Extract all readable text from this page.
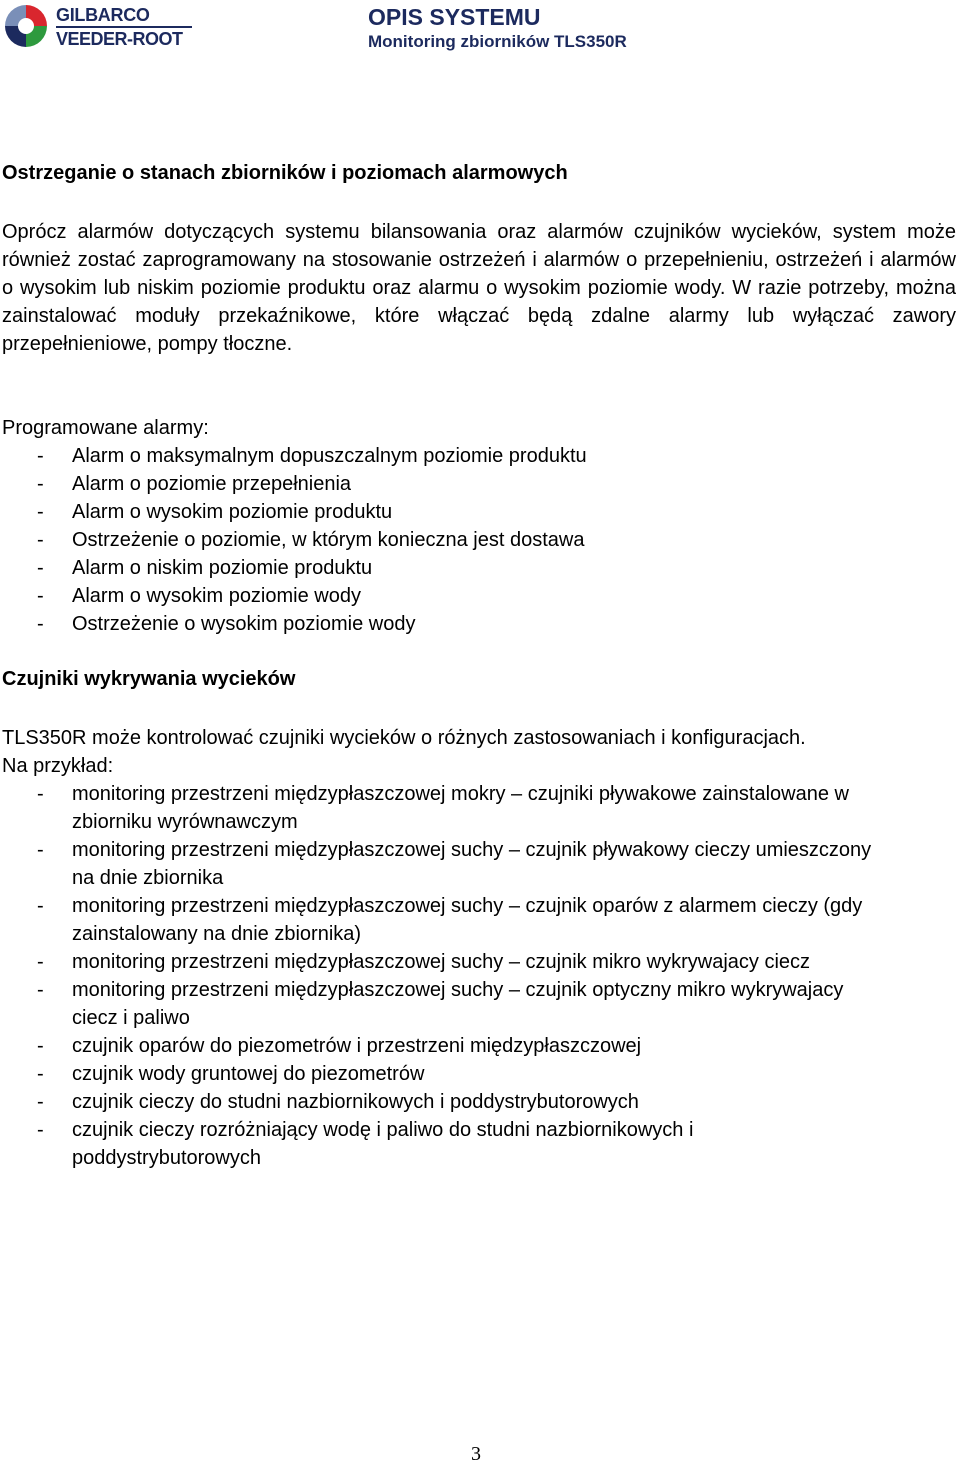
GILBARCO
VEEDER-ROOT
OPIS SYSTEMU
Monitoring zbiorników TLS350R
Ostrzeganie o stanach zbiorników i poziomach alarmowych

Oprócz alarmów dotyczących systemu bilansowania oraz alarmów czujników wycieków, system może również zostać zaprogramowany na stosowanie ostrzeżeń i alarmów o przepełnieniu, ostrzeżeń i alarmów o wysokim lub niskim poziomie produktu oraz alarmu o wysokim poziomie wody. W razie potrzeby, można zainstalować moduły przekaźnikowe, które włączać będą zdalne alarmy lub wyłączać zawory przepełnieniowe, pompy tłoczne.

Programowane alarmy:

- Alarm o maksymalnym dopuszczalnym poziomie produktu
- Alarm o poziomie przepełnienia
- Alarm o wysokim poziomie produktu
- Ostrzeżenie o poziomie, w którym konieczna jest dostawa
- Alarm o niskim poziomie produktu
- Alarm o wysokim poziomie wody
- Ostrzeżenie o wysokim poziomie wody
Czujniki wykrywania wycieków

TLS350R może kontrolować czujniki wycieków o różnych zastosowaniach i konfiguracjach. Na przykład:

- monitoring przestrzeni międzypłaszczowej mokry – czujniki pływakowe zainstalowane w zbiorniku wyrównawczym
- monitoring przestrzeni międzypłaszczowej suchy – czujnik pływakowy cieczy umieszczony na dnie zbiornika
- monitoring przestrzeni międzypłaszczowej suchy – czujnik oparów z alarmem cieczy (gdy zainstalowany na dnie zbiornika)
- monitoring przestrzeni międzypłaszczowej suchy – czujnik mikro wykrywajacy ciecz
- monitoring przestrzeni międzypłaszczowej suchy – czujnik optyczny mikro wykrywajacy ciecz i paliwo
- czujnik oparów do piezometrów i przestrzeni międzypłaszczowej
- czujnik wody gruntowej do piezometrów
- czujnik cieczy do studni nazbiornikowych i poddystrybutorowych
- czujnik cieczy rozróżniający wodę i paliwo do studni nazbiornikowych i poddystrybutorowych
3
